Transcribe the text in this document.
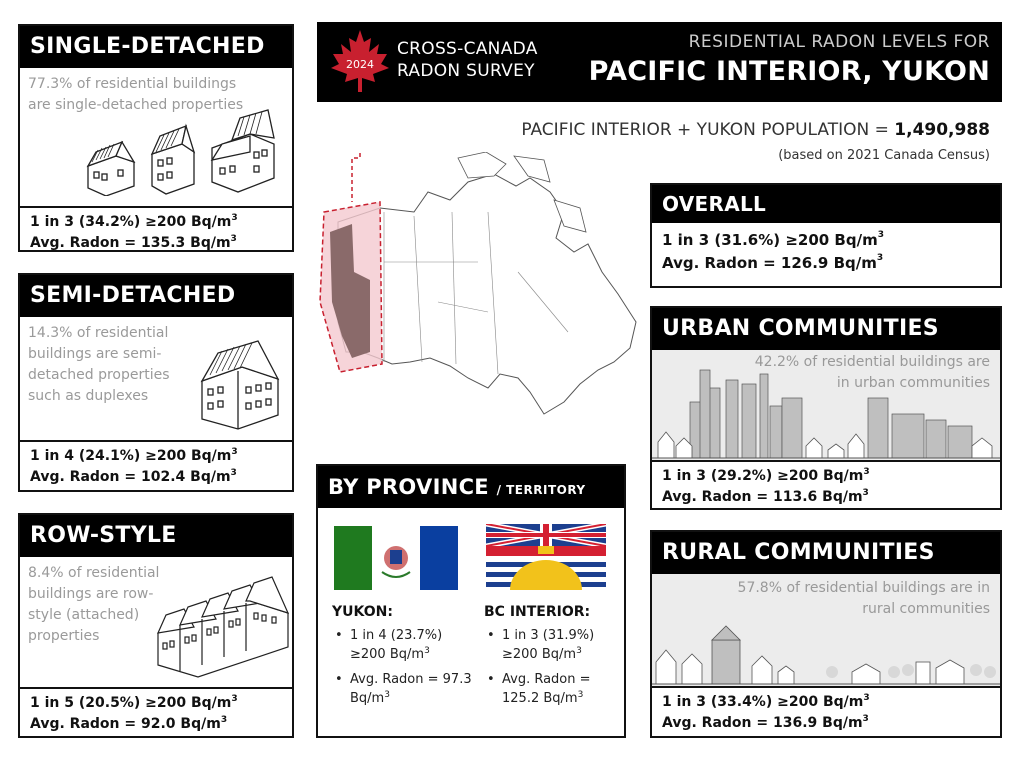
SINGLE-DETACHED
77.3% of residential buildings are single-detached properties
1 in 3 (34.2%) ≥200 $Bq/m^3$
Avg. Radon = 135.3 $Bq/m^3$
SEMI-DETACHED
14.3% of residential buildings are semi-detached properties such as duplexes
1 in 4 (24.1%) ≥200 $Bq/m^3$
Avg. Radon = 102.4 $Bq/m^3$
ROW-STYLE
8.4% of residential buildings are row-style (attached) properties
1 in 5 (20.5%) ≥200 $Bq/m^3$
Avg. Radon = 92.0 $Bq/m^3$
2024
CROSS-CANADA
RADON SURVEY
RESIDENTIAL RADON LEVELS FOR
PACIFIC INTERIOR, YUKON
PACIFIC INTERIOR + YUKON POPULATION = 1,490,988
(based on 2021 Canada Census)
OVERALL
1 in 3 (31.6%) ≥200 $Bq/m^3$
Avg. Radon = 126.9 $Bq/m^3$
URBAN COMMUNITIES
42.2% of residential buildings are in urban communities
1 in 3 (29.2%) ≥200 $Bq/m^3$
Avg. Radon = 113.6 $Bq/m^3$
RURAL COMMUNITIES
57.8% of residential buildings are in rural communities
1 in 3 (33.4%) ≥200 $Bq/m^3$
Avg. Radon = 136.9 $Bq/m^3$
BY PROVINCE / TERRITORY
YUKON:
• 1 in 4 (23.7%) ≥200 $Bq/m^3$
• Avg. Radon = 97.3 $Bq/m^3$
BC INTERIOR:
• 1 in 3 (31.9%) ≥200 $Bq/m^3$
• Avg. Radon = 125.2 $Bq/m^3$
